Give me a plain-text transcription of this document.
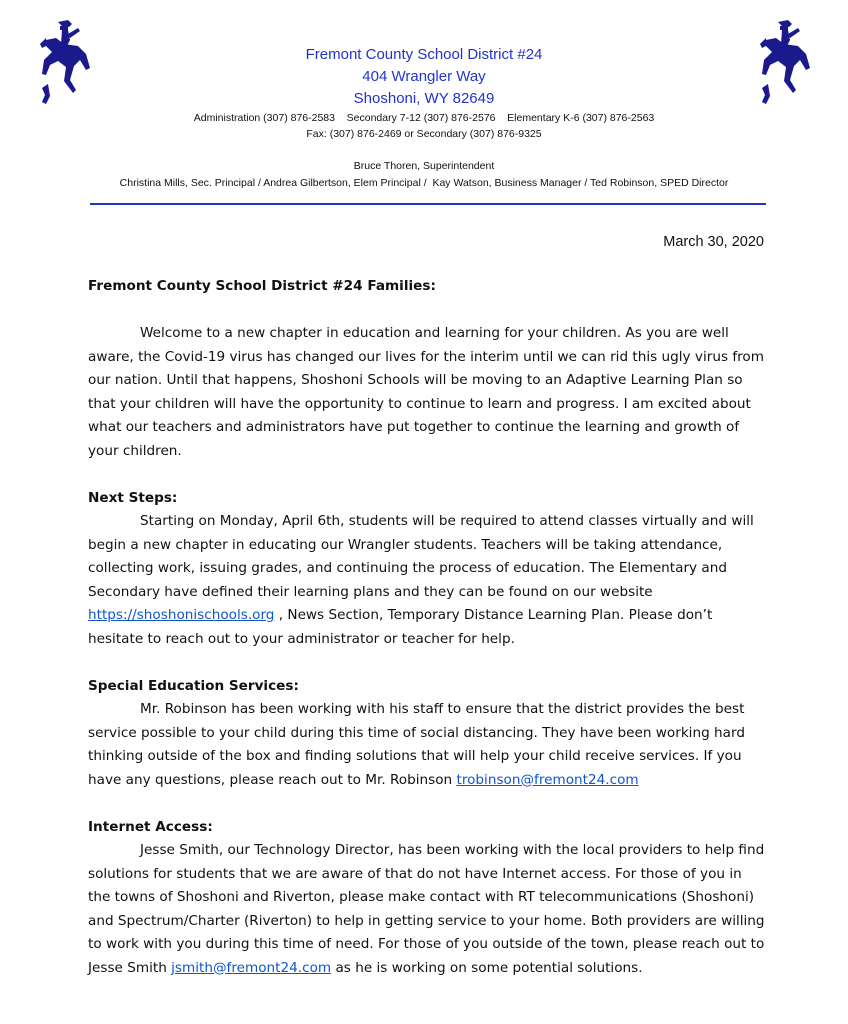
Fremont County School District #24
404 Wrangler Way
Shoshoni, WY 82649
Administration (307) 876-2583    Secondary 7-12 (307) 876-2576    Elementary K-6 (307) 876-2563
Fax: (307) 876-2469 or Secondary (307) 876-9325
Bruce Thoren, Superintendent
Christina Mills, Sec. Principal / Andrea Gilbertson, Elem Principal /  Kay Watson, Business Manager / Ted Robinson, SPED Director
March 30, 2020

Fremont County School District #24 Families:

Welcome to a new chapter in education and learning for your children. As you are well aware, the Covid-19 virus has changed our lives for the interim until we can rid this ugly virus from our nation. Until that happens, Shoshoni Schools will be moving to an Adaptive Learning Plan so that your children will have the opportunity to continue to learn and progress. I am excited about what our teachers and administrators have put together to continue the learning and growth of your children.

Next Steps:

Starting on Monday, April 6th, students will be required to attend classes virtually and will begin a new chapter in educating our Wrangler students. Teachers will be taking attendance, collecting work, issuing grades, and continuing the process of education. The Elementary and Secondary have defined their learning plans and they can be found on our website https://shoshonischools.org , News Section, Temporary Distance Learning Plan. Please don’t hesitate to reach out to your administrator or teacher for help.

Special Education Services:

Mr. Robinson has been working with his staff to ensure that the district provides the best service possible to your child during this time of social distancing. They have been working hard thinking outside of the box and finding solutions that will help your child receive services. If you have any questions, please reach out to Mr. Robinson trobinson@fremont24.com

Internet Access:

Jesse Smith, our Technology Director, has been working with the local providers to help find solutions for students that we are aware of that do not have Internet access. For those of you in the towns of Shoshoni and Riverton, please make contact with RT telecommunications (Shoshoni) and Spectrum/Charter (Riverton) to help in getting service to your home. Both providers are willing to work with you during this time of need. For those of you outside of the town, please reach out to Jesse Smith jsmith@fremont24.com as he is working on some potential solutions.
